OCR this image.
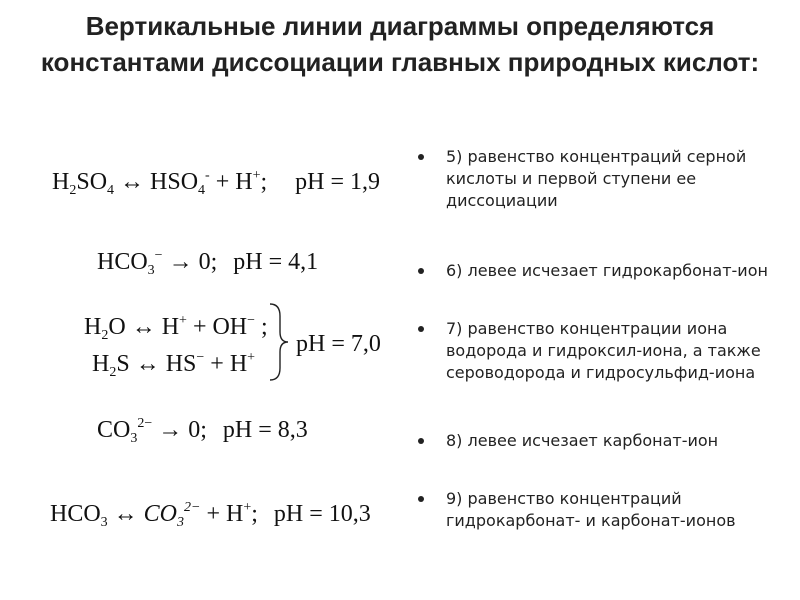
Вертикальные линии диаграммы определяются константами диссоциации главных природных кислот:
$H_2SO_4$ ↔ $HSO_4^- + H^+$; pH = 1,9
$HCO_3^- \to 0$; pH = 4,1
$H_2O$ ↔ H+ + OH− ;
$H_2S$ ↔ HS− + H+
pH = 7,0
$CO_3^{2-} \to 0$; pH = 8,3
$HCO_3$ ↔ $CO_3^{2-} + H^+$; pH = 10,3
5) равенство концентраций серной кислоты и первой ступени ее диссоциации
6) левее исчезает гидрокарбонат-ион
7) равенство концентрации иона водорода и гидроксил-иона, а также сероводорода и гидросульфид-иона
8) левее исчезает карбонат-ион
9) равенство концентраций гидрокарбонат- и карбонат-ионов
